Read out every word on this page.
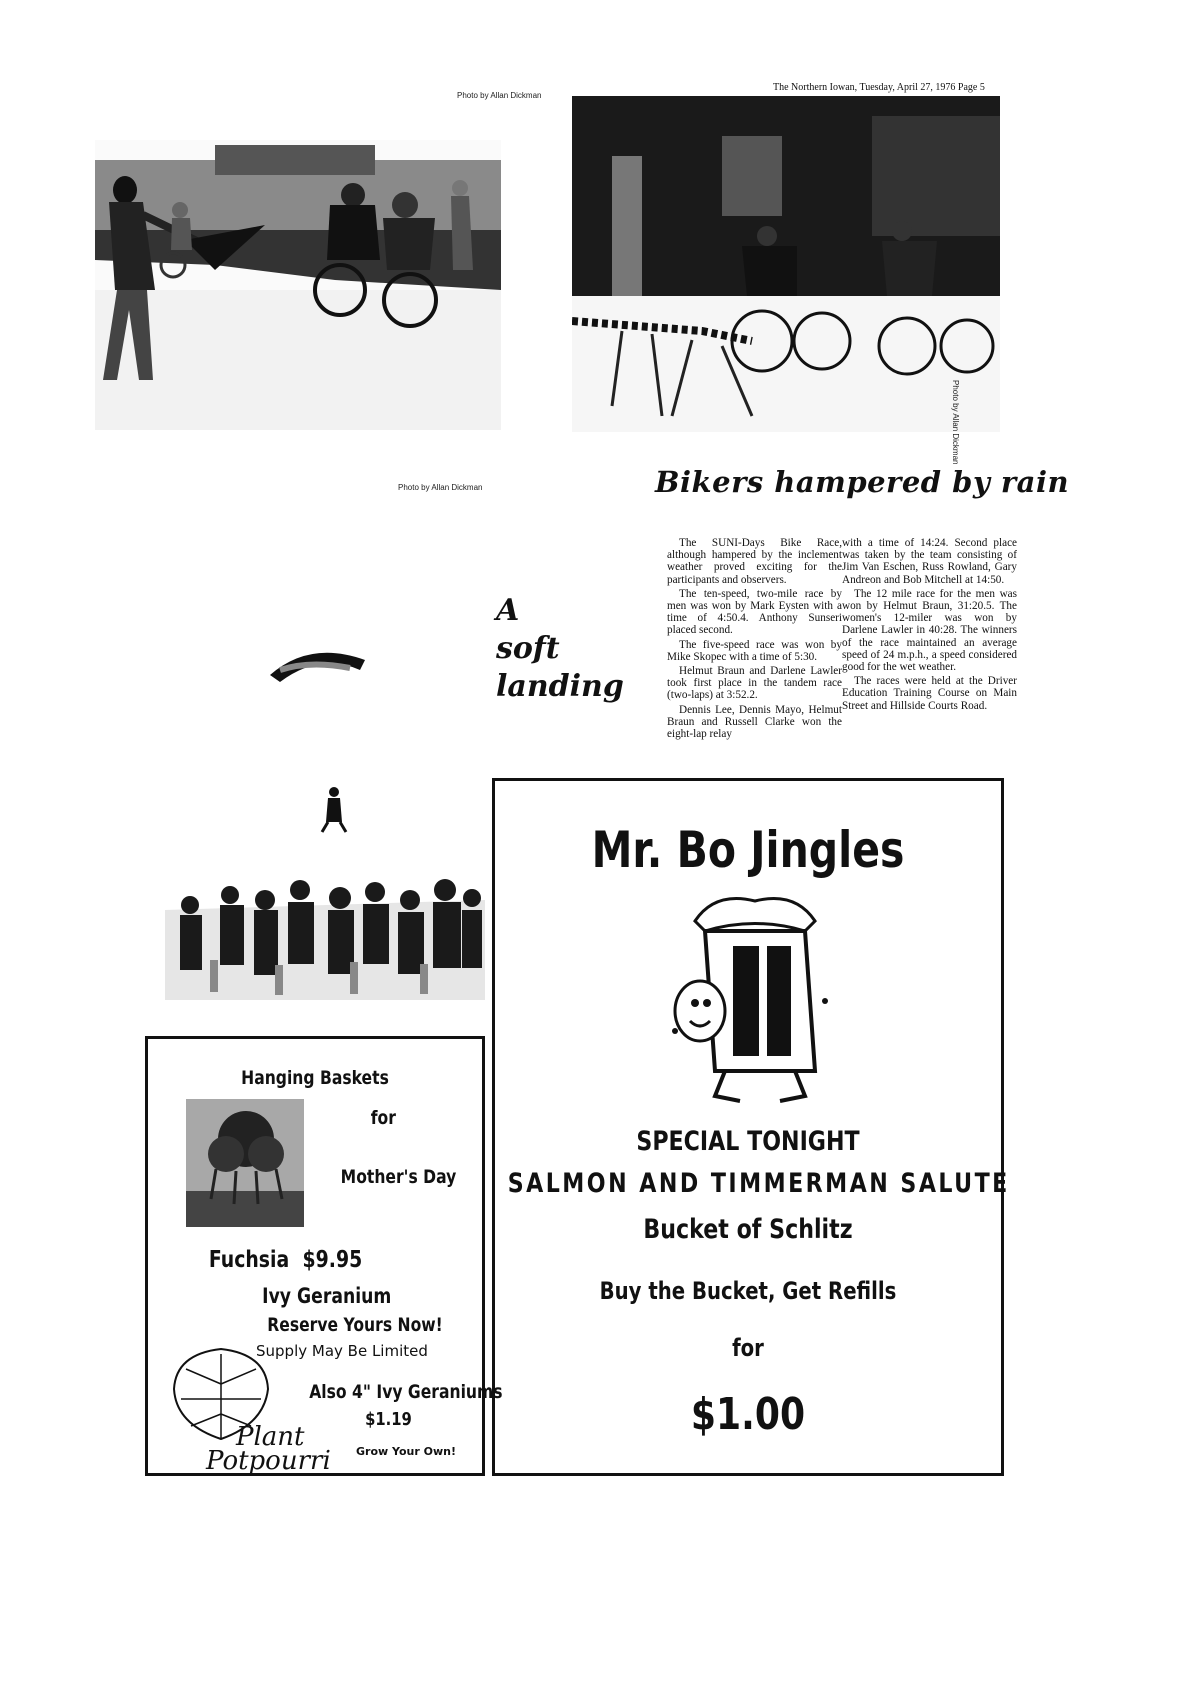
Photo by Allan Dickman
The Northern Iowan, Tuesday, April 27, 1976 Page 5
Photo by Allan Dickman
Photo by Allan Dickman	Bikers hampered by rain

The SUNI-Days Bike Race, although hampered by the inclement weather proved exciting for the participants and observers.

The ten-speed, two-mile race by men was won by Mark Eysten with a time of 4:50.4. Anthony Sunseri placed second.

The five-speed race was won by Mike Skopec with a time of 5:30.

Helmut Braun and Darlene Lawler took first place in the tandem race (two-laps) at 3:52.2.

Dennis Lee, Dennis Mayo, Helmut Braun and Russell Clarke won the eight-lap relay

with a time of 14:24. Second place was taken by the team consisting of Jim Van Eschen, Russ Rowland, Gary Andreon and Bob Mitchell at 14:50.

The 12 mile race for the men was won by Helmut Braun, 31:20.5. The women's 12-miler was won by Darlene Lawler in 40:28. The winners of the race maintained an average speed of 24 m.p.h., a speed considered good for the wet weather.

The races were held at the Driver Education Training Course on Main Street and Hillside Courts Road.

A
soft
landing
Mr. Bo Jingles
SPECIAL TONIGHT
SALMON AND TIMMERMAN SALUTE
Bucket of Schlitz
Buy the Bucket, Get Refills
for
$1.00
Hanging Baskets
for
Mother's Day
Fuchsia $9.95
Ivy Geranium
Reserve Yours Now!
Supply May Be Limited
Also 4" Ivy Geraniums
$1.19
Plant
Potpourri Grow Your Own!
